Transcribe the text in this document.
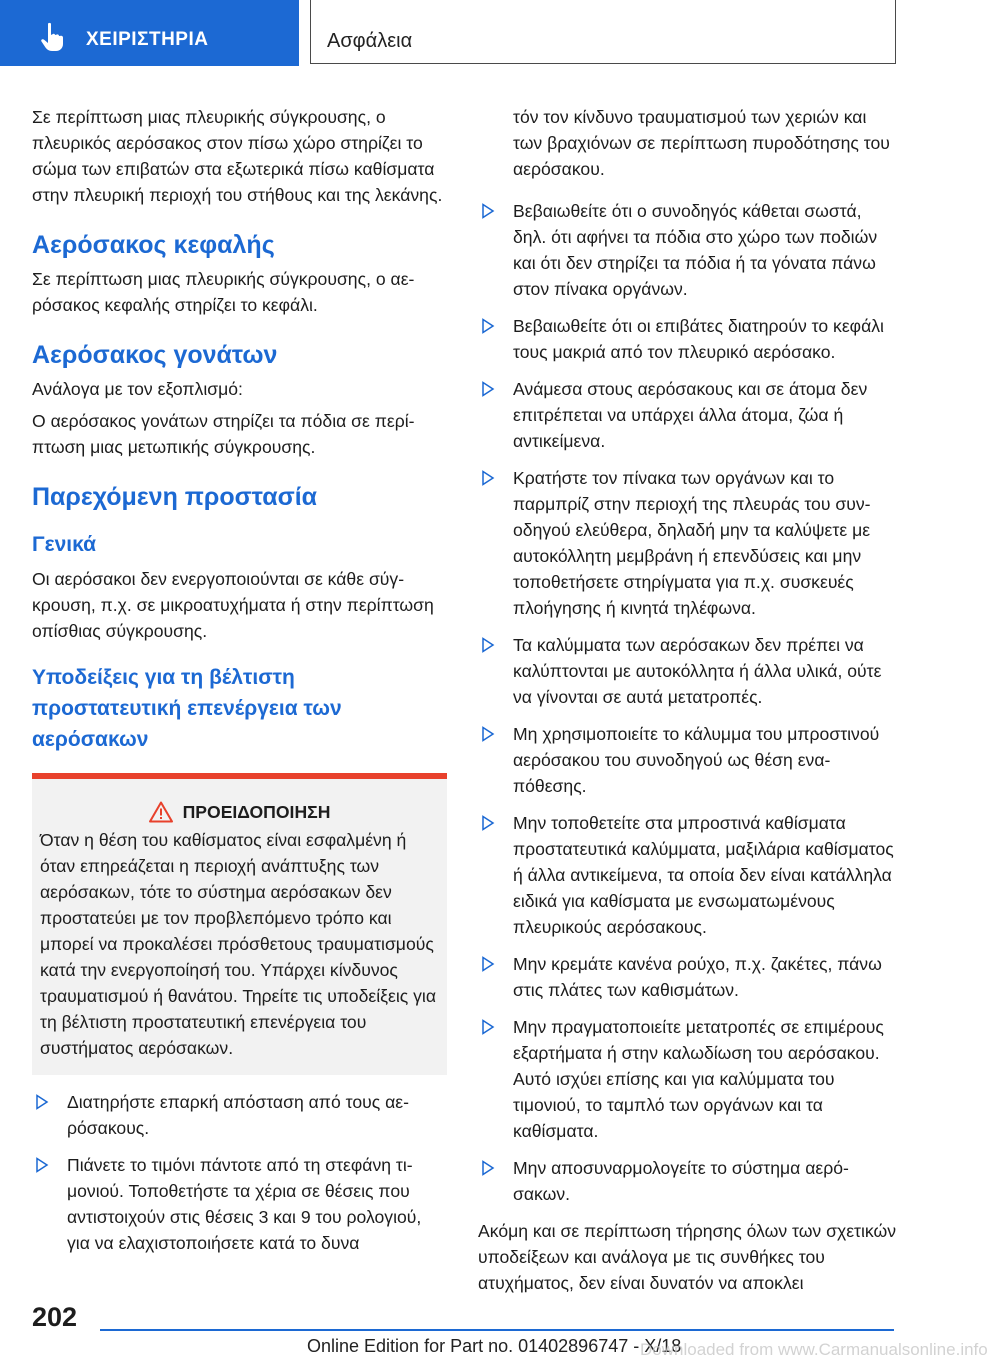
ΧΕΙΡΙΣΤΗΡΙΑ	Ασφάλεια

Σε περίπτωση μιας πλευρικής σύγκρουσης, ο πλευρικός αερόσακος στον πίσω χώρο στηρίζει το σώμα των επιβατών στα εξωτερικά πίσω καθίσματα στην πλευρική περιοχή του στήθους και της λεκάνης.

Αερόσακος κεφαλής

Σε περίπτωση μιας πλευρικής σύγκρουσης, ο αερόσακος κεφαλής στηρίζει το κεφάλι.

Αερόσακος γονάτων

Ανάλογα με τον εξοπλισμό:

Ο αερόσακος γονάτων στηρίζει τα πόδια σε περίπτωση μιας μετωπικής σύγκρουσης.

Παρεχόμενη προστασία
Γενικά

Οι αερόσακοι δεν ενεργοποιούνται σε κάθε σύγκρουση, π.χ. σε μικροατυχήματα ή στην περίπτωση οπίσθιας σύγκρουσης.

Υποδείξεις για τη βέλτιστη προστατευτική επενέργεια των αερόσακων
ΠΡΟΕΙΔΟΠΟΙΗΣΗ

Όταν η θέση του καθίσματος είναι εσφαλμένη ή όταν επηρεάζεται η περιοχή ανάπτυξης των αερόσακων, τότε το σύστημα αερόσακων δεν προστατεύει με τον προβλεπόμενο τρόπο και μπορεί να προκαλέσει πρόσθετους τραυματισμούς κατά την ενεργοποίησή του. Υπάρχει κίνδυνος τραυματισμού ή θανάτου. Τηρείτε τις υποδείξεις για τη βέλτιστη προστατευτική επενέργεια του συστήματος αερόσακων.

Διατηρήστε επαρκή απόσταση από τους αερόσακους.
Πιάνετε το τιμόνι πάντοτε από τη στεφάνη τιμονιού. Τοποθετήστε τα χέρια σε θέσεις που αντιστοιχούν στις θέσεις 3 και 9 του ρολογιού, για να ελαχιστοποιήσετε κατά το δυνα

τόν τον κίνδυνο τραυματισμού των χεριών και των βραχιόνων σε περίπτωση πυροδότησης του αερόσακου.

Βεβαιωθείτε ότι ο συνοδηγός κάθεται σωστά, δηλ. ότι αφήνει τα πόδια στο χώρο των ποδιών και ότι δεν στηρίζει τα πόδια ή τα γόνατα πάνω στον πίνακα οργάνων.
Βεβαιωθείτε ότι οι επιβάτες διατηρούν το κεφάλι τους μακριά από τον πλευρικό αερόσακο.
Ανάμεσα στους αερόσακους και σε άτομα δεν επιτρέπεται να υπάρχει άλλα άτομα, ζώα ή αντικείμενα.
Κρατήστε τον πίνακα των οργάνων και το παρμπρίζ στην περιοχή της πλευράς του συνοδηγού ελεύθερα, δηλαδή μην τα καλύψετε με αυτοκόλλητη μεμβράνη ή επενδύσεις και μην τοποθετήσετε στηρίγματα για π.χ. συσκευές πλοήγησης ή κινητά τηλέφωνα.
Τα καλύμματα των αερόσακων δεν πρέπει να καλύπτονται με αυτοκόλλητα ή άλλα υλικά, ούτε να γίνονται σε αυτά μετατροπές.
Μη χρησιμοποιείτε το κάλυμμα του μπροστινού αερόσακου του συνοδηγού ως θέση εναπόθεσης.
Μην τοποθετείτε στα μπροστινά καθίσματα προστατευτικά καλύμματα, μαξιλάρια καθίσματος ή άλλα αντικείμενα, τα οποία δεν είναι κατάλληλα ειδικά για καθίσματα με ενσωματωμένους πλευρικούς αερόσακους.
Μην κρεμάτε κανένα ρούχο, π.χ. ζακέτες, πάνω στις πλάτες των καθισμάτων.
Μην πραγματοποιείτε μετατροπές σε επιμέρους εξαρτήματα ή στην καλωδίωση του αερόσακου. Αυτό ισχύει επίσης και για καλύμματα του τιμονιού, το ταμπλό των οργάνων και τα καθίσματα.
Μην αποσυναρμολογείτε το σύστημα αερόσακων.

Ακόμη και σε περίπτωση τήρησης όλων των σχετικών υποδείξεων και ανάλογα με τις συνθήκες του ατυχήματος, δεν είναι δυνατόν να αποκλει

202
Online Edition for Part no. 01402896747 - X/18
Downloaded from www.Carmanualsonline.info
